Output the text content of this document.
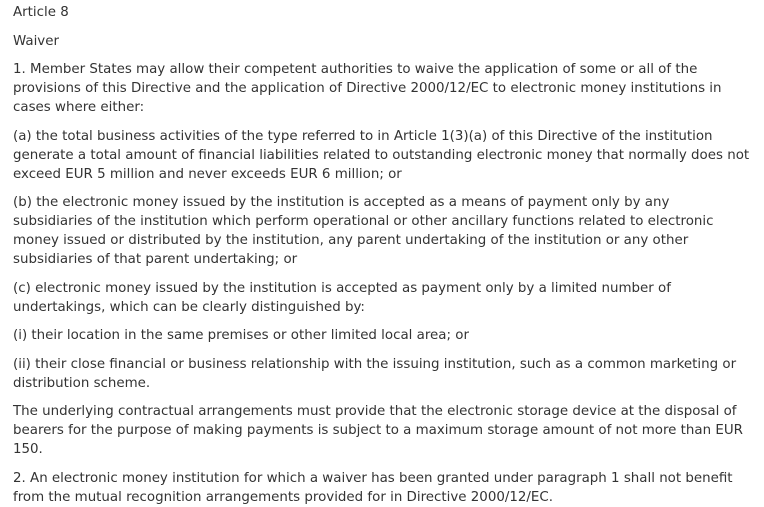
Article 8

Waiver

1. Member States may allow their competent authorities to waive the application of some or all of the provisions of this Directive and the application of Directive 2000/12/EC to electronic money institutions in cases where either:

(a) the total business activities of the type referred to in Article 1(3)(a) of this Directive of the institution generate a total amount of financial liabilities related to outstanding electronic money that normally does not exceed EUR 5 million and never exceeds EUR 6 million; or

(b) the electronic money issued by the institution is accepted as a means of payment only by any subsidiaries of the institution which perform operational or other ancillary functions related to electronic money issued or distributed by the institution, any parent undertaking of the institution or any other subsidiaries of that parent undertaking; or

(c) electronic money issued by the institution is accepted as payment only by a limited number of undertakings, which can be clearly distinguished by:

(i) their location in the same premises or other limited local area; or

(ii) their close financial or business relationship with the issuing institution, such as a common marketing or distribution scheme.

The underlying contractual arrangements must provide that the electronic storage device at the disposal of bearers for the purpose of making payments is subject to a maximum storage amount of not more than EUR 150.

2. An electronic money institution for which a waiver has been granted under paragraph 1 shall not benefit from the mutual recognition arrangements provided for in Directive 2000/12/EC.
